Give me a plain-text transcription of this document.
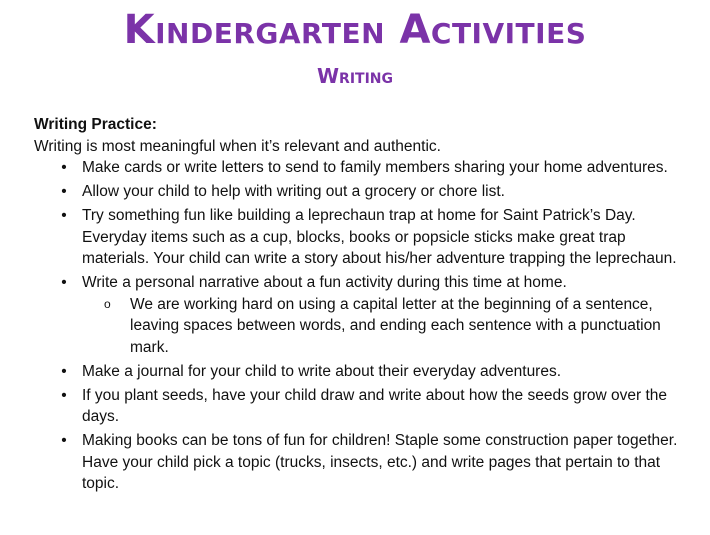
Kindergarten Activities
Writing

Writing Practice:

Writing is most meaningful when it’s relevant and authentic.

• Make cards or write letters to send to family members sharing your home adventures.
• Allow your child to help with writing out a grocery or chore list.
• Try something fun like building a leprechaun trap at home for Saint Patrick’s Day. Everyday items such as a cup, blocks, books or popsicle sticks make great trap materials. Your child can write a story about his/her adventure trapping the leprechaun.
• Write a personal narrative about a fun activity during this time at home.
o We are working hard on using a capital letter at the beginning of a sentence, leaving spaces between words, and ending each sentence with a punctuation mark.
• Make a journal for your child to write about their everyday adventures.
• If you plant seeds, have your child draw and write about how the seeds grow over the days.
• Making books can be tons of fun for children! Staple some construction paper together. Have your child pick a topic (trucks, insects, etc.) and write pages that pertain to that topic.
